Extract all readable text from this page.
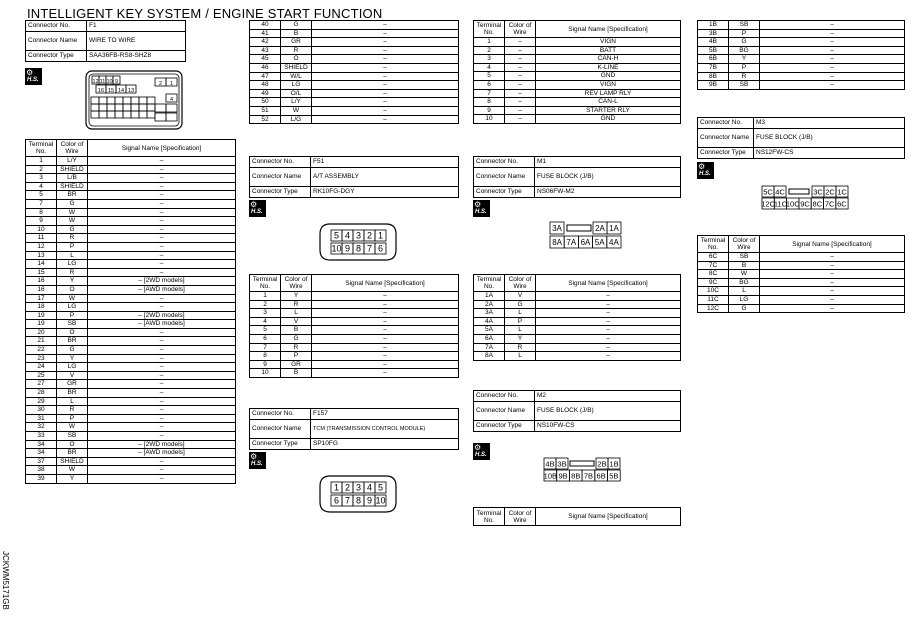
INTELLIGENT KEY SYSTEM / ENGINE START FUNCTION
JCKWM5171GB
Connector No.	F1
Connector Name	WIRE TO WIRE
Connector Type	SAA36FB-RS8-SHZ8
⚙
H.S.	12 11 10 9	2 1
16 15 14 13
4
Terminal No.	Color of Wire	Signal Name [Specification]
1	L/Y	–
2	SHIELD	–
3	L/B	–
4	SHIELD	–
5	BR	–
7	G	–
8	W	–
9	W	–
10	G	–
11	R	–
12	P	–
13	L	–
14	LG	–
15	R	–
16	Y	– [2WD models]
16	O	– [AWD models]
17	W	–
18	LG	–
19	P	– [2WD models]
19	SB	– [AWD models]
20	O	–
21	BR	–
22	G	–
23	Y	–
24	LG	–
25	V	–
27	GR	–
28	BR	–
29	L	–
30	R	–
31	P	–
32	W	–
33	SB	–
34	O	– [2WD models]
34	BR	– [AWD models]
37	SHIELD	–
38	W	–
39	Y	–
40	G	–
41	B	–
42	GR	–
43	R	–
45	O	–
46	SHIELD	–
47	W/L	–
48	LG	–
49	O/L	–
50	L/Y	–
51	W	–
52	L/G	–
Connector No.	F51
Connector Name	A/T ASSEMBLY
Connector Type	RK10FG-DGY
⚙
H.S.
5 4 3 2 1
10 9 8 7 6
Terminal No.	Color of Wire	Signal Name [Specification]
1	Y	–
2	R	–
3	L	–
4	V	–
5	B	–
6	G	–
7	R	–
8	P	–
9	GR	–
10	B	–
Connector No.	F157
Connector Name	TCM (TRANSMISSION CONTROL MODULE)
Connector Type	SP10FG
⚙
H.S.
1 2 3 4 5
6 7 8 9 10
Terminal No.	Color of Wire	Signal Name [Specification]
1	–	VIGN
2	–	BATT
3	–	CAN-H
4	–	K-LINE
5	–	GND
6	–	VIGN
7	–	REV LAMP RLY
8	–	CAN-L
9	–	STARTER RLY
10	–	GND
Connector No.	M1
Connector Name	FUSE BLOCK (J/B)
Connector Type	NS06FW-M2
⚙
H.S.
3A	2A 1A
8A 7A 6A 5A 4A
Terminal No.	Color of Wire	Signal Name [Specification]
1A	V	–
2A	G	–
3A	L	–
4A	P	–
5A	L	–
6A	Y	–
7A	R	–
8A	L	–
Connector No.	M2
Connector Name	FUSE BLOCK (J/B)
Connector Type	NS10FW-CS
⚙
H.S.
4B 3B	2B 1B
10B 9B 8B 7B 6B 5B
Terminal No.	Color of Wire	Signal Name [Specification]
1B	SB	–
3B	P	–
4B	G	–
5B	BG	–
6B	Y	–
7B	P	–
8B	R	–
9B	SB	–
Connector No.	M3
Connector Name	FUSE BLOCK (J/B)
Connector Type	NS12FW-CS
⚙
H.S.
5C 4C	3C 2C 1C
12C
11C
10C 9C 8C 7C 6C
Terminal No.	Color of Wire	Signal Name [Specification]
6C	SB	–
7C	B	–
8C	W	–
9C	BG	–
10C	L	–
11C	LG	–
12C	G	–
